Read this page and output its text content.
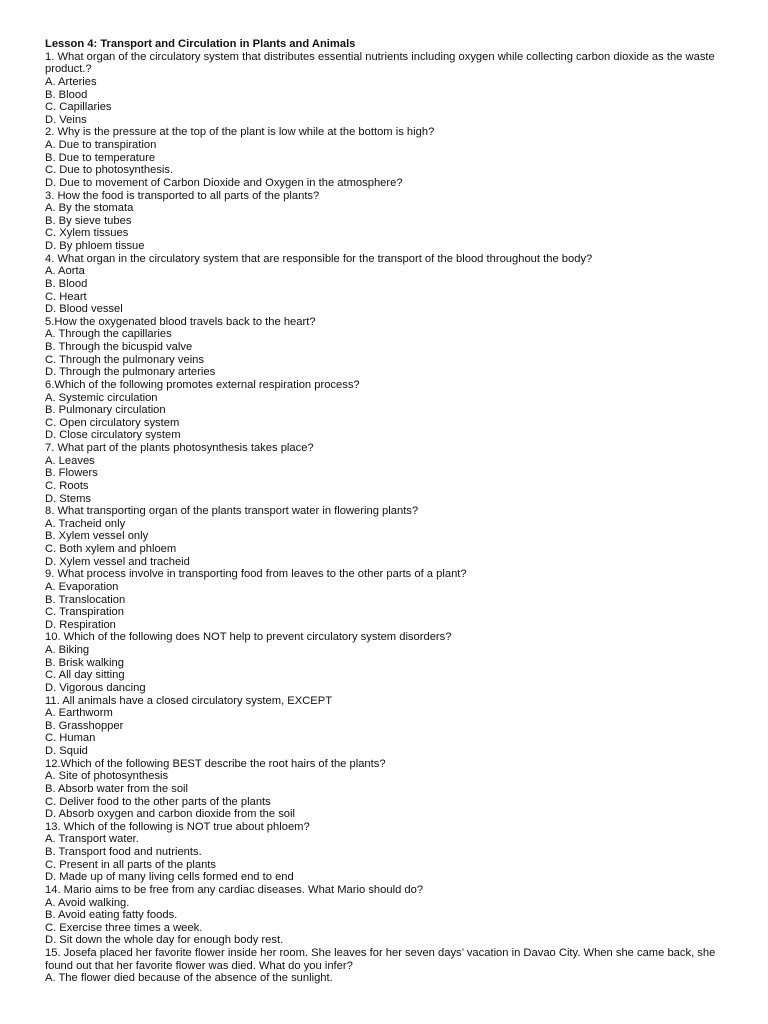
Lesson 4: Transport and Circulation in Plants and Animals
1. What organ of the circulatory system that distributes essential nutrients including oxygen while collecting carbon dioxide as the waste product.?
A. Arteries
B. Blood
C. Capillaries
D. Veins
2. Why is the pressure at the top of the plant is low while at the bottom is high?
A. Due to transpiration
B. Due to temperature
C. Due to photosynthesis.
D. Due to movement of Carbon Dioxide and Oxygen in the atmosphere?
3. How the food is transported to all parts of the plants?
A. By the stomata
B. By sieve tubes
C. Xylem tissues
D. By phloem tissue
4. What organ in the circulatory system that are responsible for the transport of the blood throughout the body?
A. Aorta
B. Blood
C. Heart
D. Blood vessel
5.How the oxygenated blood travels back to the heart?
A. Through the capillaries
B. Through the bicuspid valve
C. Through the pulmonary veins
D. Through the pulmonary arteries
6.Which of the following promotes external respiration process?
A. Systemic circulation
B. Pulmonary circulation
C. Open circulatory system
D. Close circulatory system
7. What part of the plants photosynthesis takes place?
A. Leaves
B. Flowers
C. Roots
D. Stems
8. What transporting organ of the plants transport water in flowering plants?
A. Tracheid only
B. Xylem vessel only
C. Both xylem and phloem
D. Xylem vessel and tracheid
9. What process involve in transporting food from leaves to the other parts of a plant?
A. Evaporation
B. Translocation
C. Transpiration
D. Respiration
10. Which of the following does NOT help to prevent circulatory system disorders?
A. Biking
B. Brisk walking
C. All day sitting
D. Vigorous dancing
11. All animals have a closed circulatory system, EXCEPT
A. Earthworm
B. Grasshopper
C. Human
D. Squid
12.Which of the following BEST describe the root hairs of the plants?
A. Site of photosynthesis
B. Absorb water from the soil
C. Deliver food to the other parts of the plants
D. Absorb oxygen and carbon dioxide from the soil
13. Which of the following is NOT true about phloem?
A. Transport water.
B. Transport food and nutrients.
C. Present in all parts of the plants
D. Made up of many living cells formed end to end
14. Mario aims to be free from any cardiac diseases. What Mario should do?
A. Avoid walking.
B. Avoid eating fatty foods.
C. Exercise three times a week.
D. Sit down the whole day for enough body rest.
15. Josefa placed her favorite flower inside her room. She leaves for her seven days’ vacation in Davao City. When she came back, she found out that her favorite flower was died. What do you infer?
A. The flower died because of the absence of the sunlight.
